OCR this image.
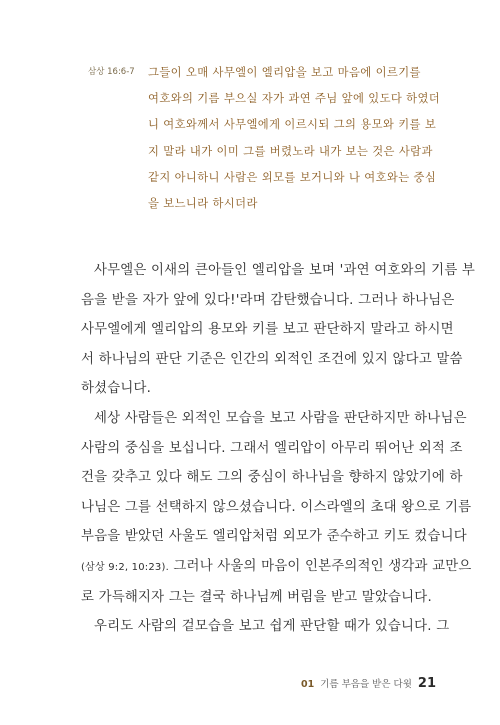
삼상 16:6-7	그들이 오매 사무엘이 엘리압을 보고 마음에 이르기를
여호와의 기름 부으실 자가 과연 주님 앞에 있도다 하였더
니 여호와께서 사무엘에게 이르시되 그의 용모와 키를 보
지 말라 내가 이미 그를 버렸노라 내가 보는 것은 사람과
같지 아니하니 사람은 외모를 보거니와 나 여호와는 중심
을 보느니라 하시더라
사무엘은 이새의 큰아들인 엘리압을 보며 '과연 여호와의 기름 부
음을 받을 자가 앞에 있다!'라며 감탄했습니다. 그러나 하나님은
사무엘에게 엘리압의 용모와 키를 보고 판단하지 말라고 하시면
서 하나님의 판단 기준은 인간의 외적인 조건에 있지 않다고 말씀
하셨습니다.
세상 사람들은 외적인 모습을 보고 사람을 판단하지만 하나님은
사람의 중심을 보십니다. 그래서 엘리압이 아무리 뛰어난 외적 조
건을 갖추고 있다 해도 그의 중심이 하나님을 향하지 않았기에 하
나님은 그를 선택하지 않으셨습니다. 이스라엘의 초대 왕으로 기름
부음을 받았던 사울도 엘리압처럼 외모가 준수하고 키도 컸습니다
(삼상 9:2, 10:23). 그러나 사울의 마음이 인본주의적인 생각과 교만으
로 가득해지자 그는 결국 하나님께 버림을 받고 말았습니다.
우리도 사람의 겉모습을 보고 쉽게 판단할 때가 있습니다. 그
01 기름 부음을 받은 다윗 21
